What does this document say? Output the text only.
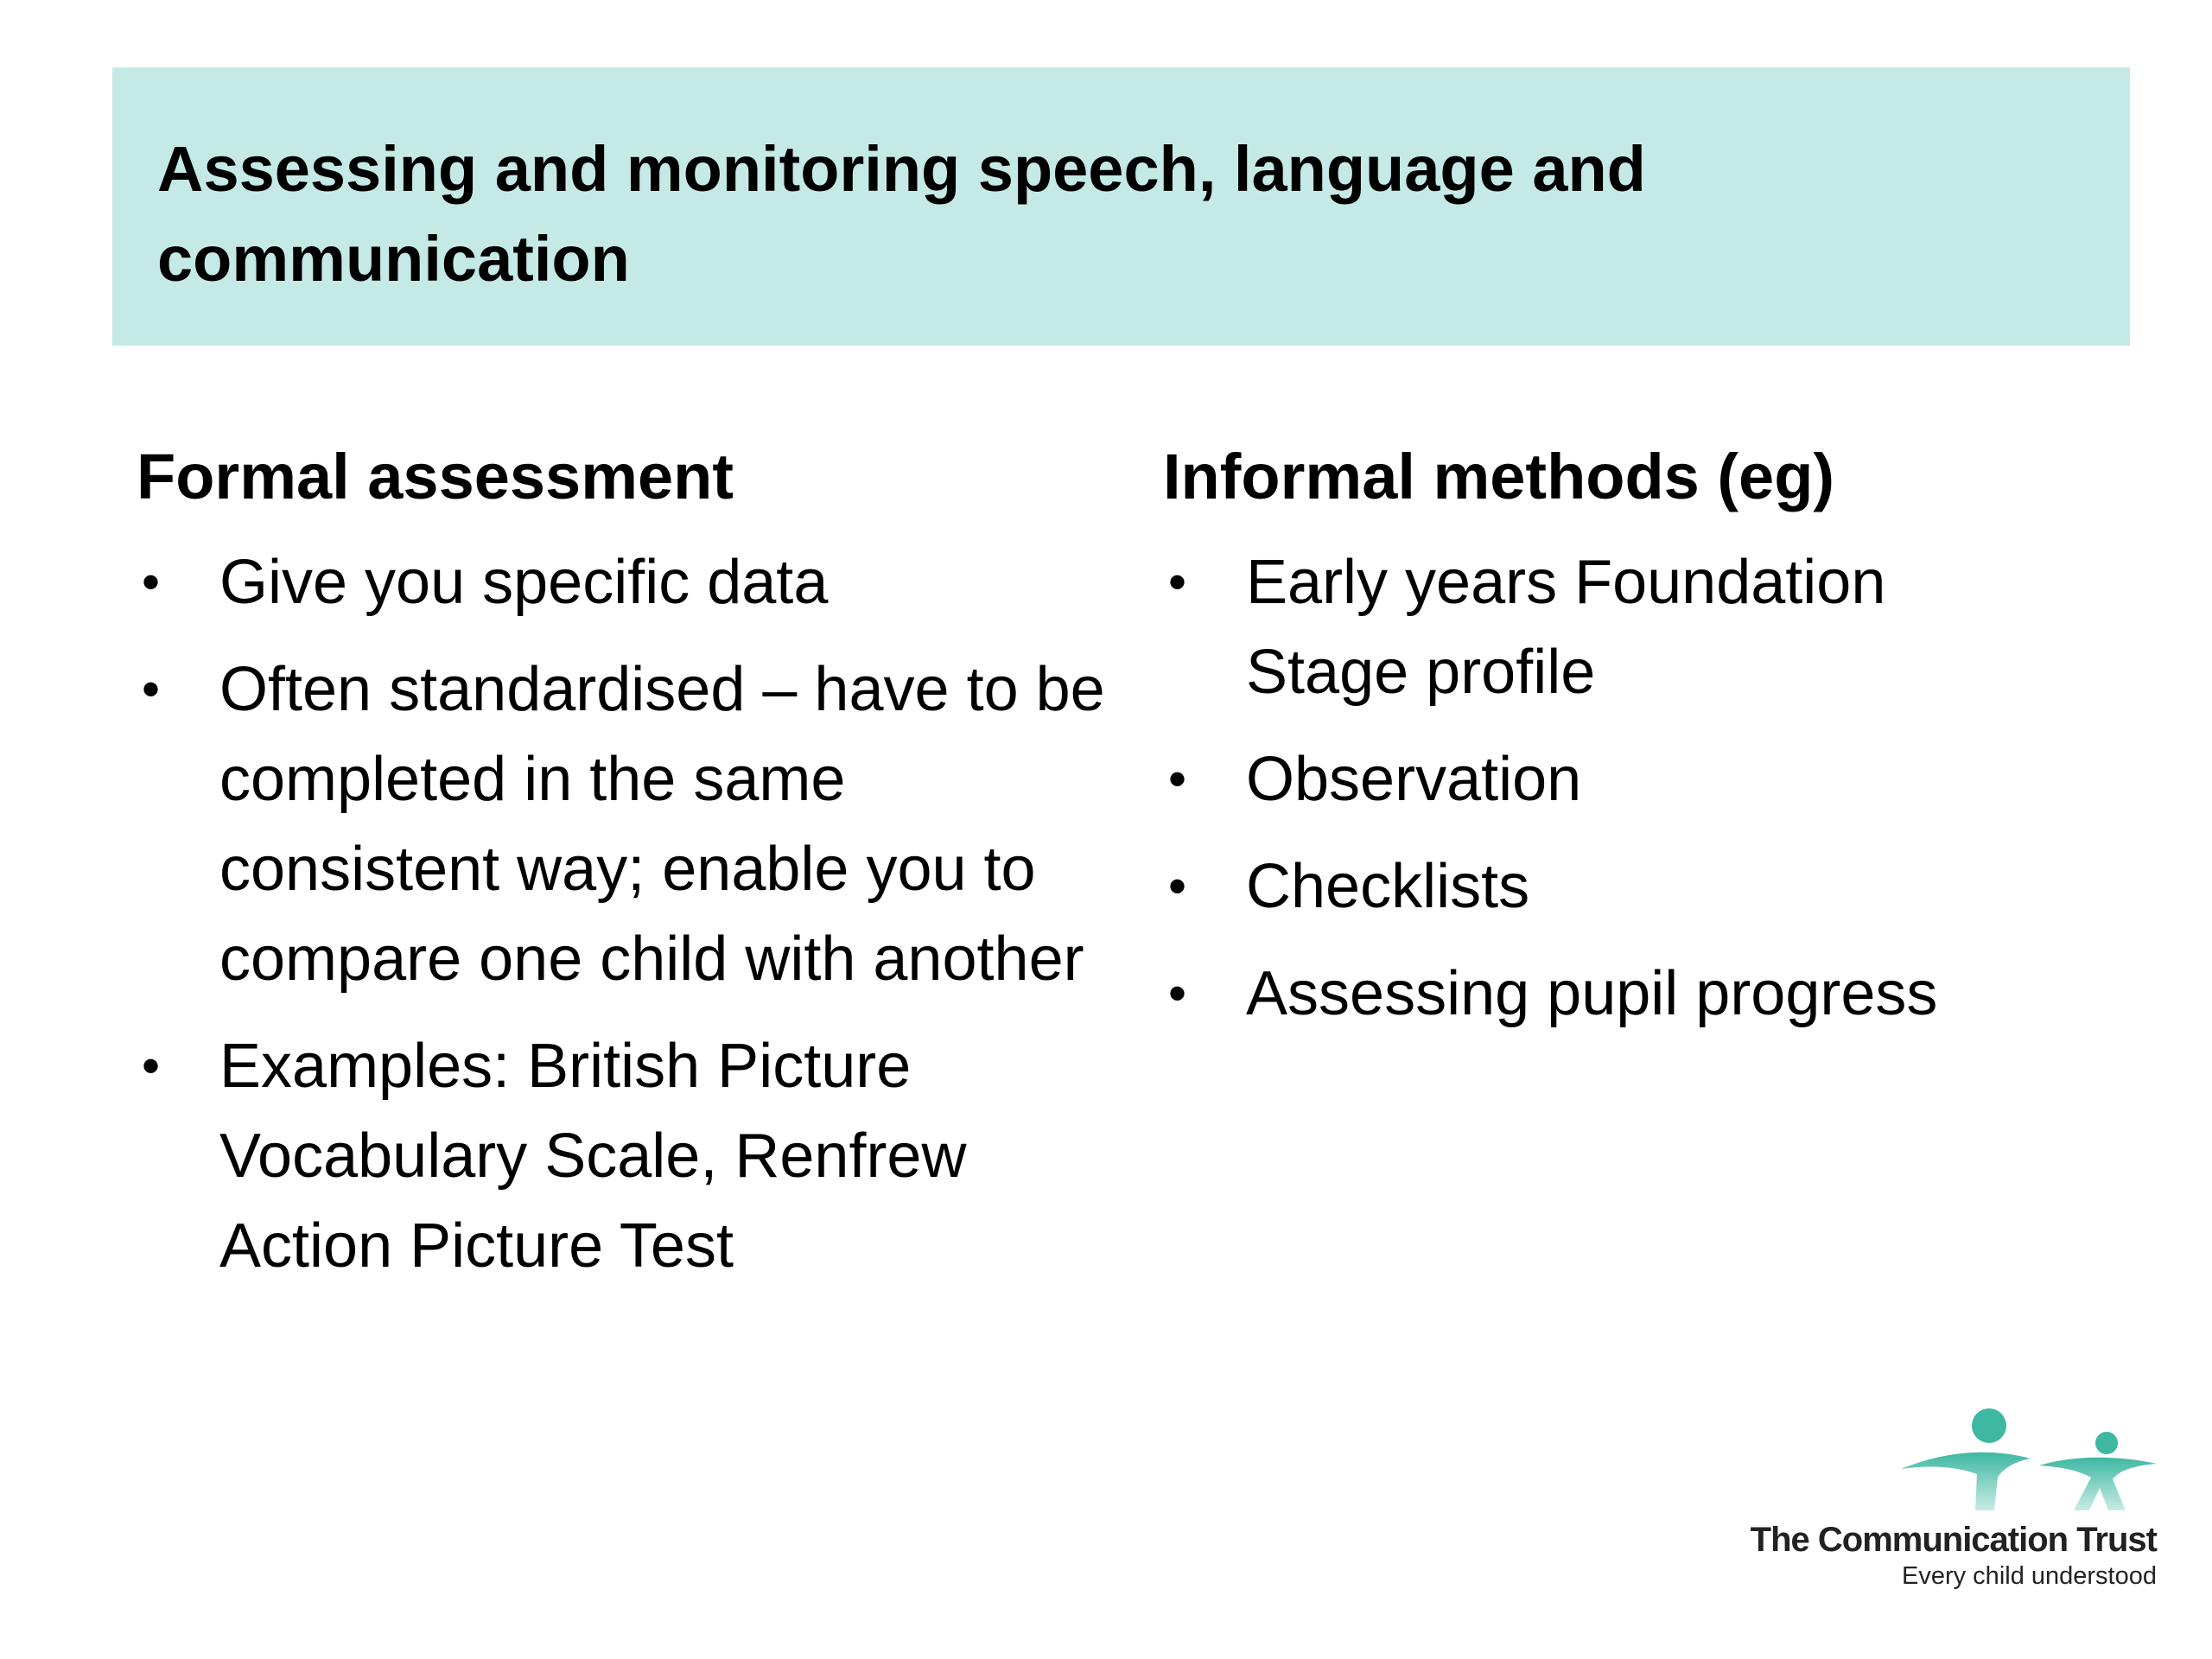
Assessing and monitoring speech, language and communication
Formal assessment
• Give you specific data
• Often standardised – have to be completed in the same consistent way; enable you to compare one child with another
• Examples: British Picture Vocabulary Scale, Renfrew Action Picture Test
Informal methods (eg)
• Early years Foundation Stage profile
• Observation
• Checklists
• Assessing pupil progress
The Communication Trust
Every child understood
